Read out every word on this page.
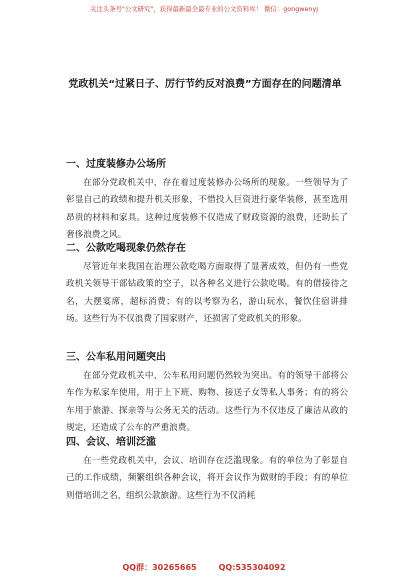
关注头条号"公文研究"，获得最新最全最专业的公文资料库！ 微信：gongwenyj
党政机关“过紧日子、厉行节约反对浪费”方面存在的问题清单
一、过度装修办公场所

在部分党政机关中，存在着过度装修办公场所的现象。一些领导为了彰显自己的政绩和提升机关形象，不惜投入巨资进行豪华装修，甚至选用昂贵的材料和家具。这种过度装修不仅造成了财政资源的浪费，还助长了奢侈浪费之风。

二、公款吃喝现象仍然存在

尽管近年来我国在治理公款吃喝方面取得了显著成效，但仍有一些党政机关领导干部钻政策的空子，以各种名义进行公款吃喝。有的借接待之名，大摆宴席，超标消费；有的以考察为名，游山玩水，餐饮住宿讲排场。这些行为不仅浪费了国家财产，还损害了党政机关的形象。

三、公车私用问题突出

在部分党政机关中，公车私用问题仍然较为突出。有的领导干部将公车作为私家车使用，用于上下班、购物、接送子女等私人事务；有的将公车用于旅游、探亲等与公务无关的活动。这些行为不仅违反了廉洁从政的规定，还造成了公车的严重浪费。

四、会议、培训泛滥

在一些党政机关中，会议、培训存在泛滥现象。有的单位为了彰显自己的工作成绩，频繁组织各种会议，将开会议作为做财的手段；有的单位则借培训之名，组织公款旅游。这些行为不仅消耗

QQ群：30265665	QQ:535304092
